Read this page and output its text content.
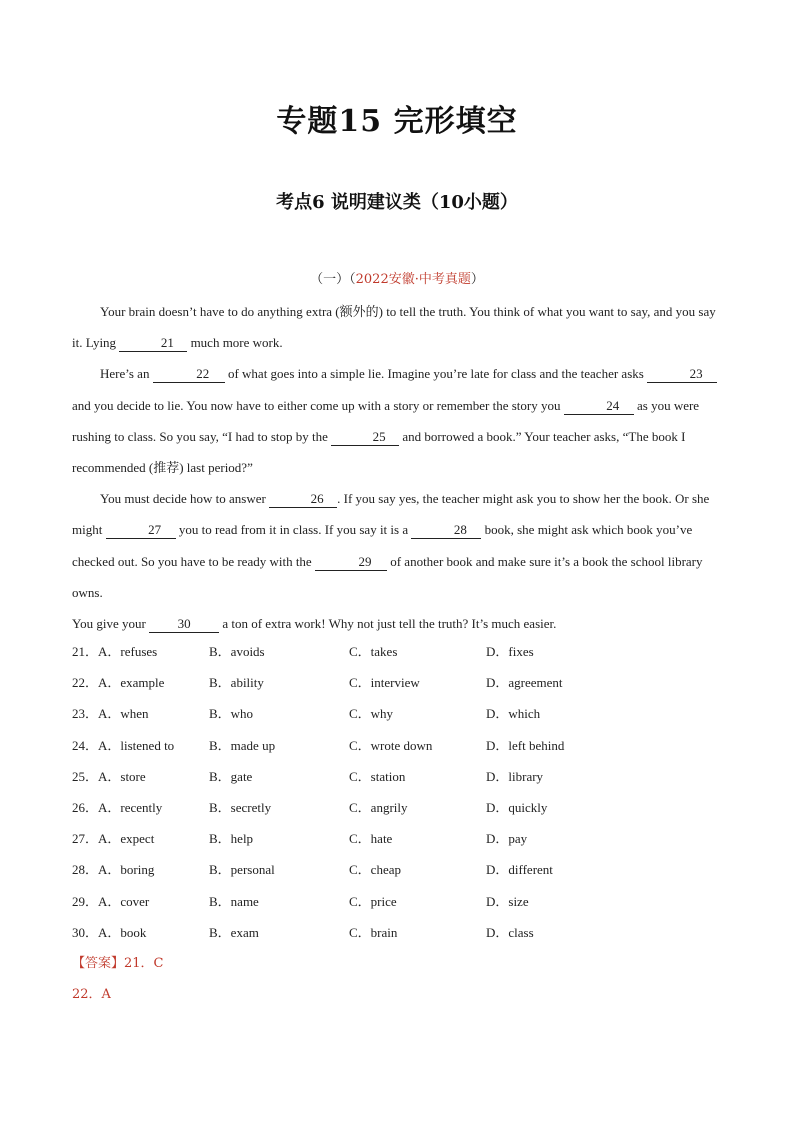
专题15 完形填空
考点6 说明建议类（10小题）
（一）（2022安徽·中考真题）

Your brain doesn’t have to do anything extra (额外的) to tell the truth. You think of what you want to say, and you say it. Lying	21 much more work.

Here’s an	22 of what goes into a simple lie. Imagine you’re late for class and the teacher asks	23 and you decide to lie. You now have to either come up with a story or remember the story you	24 as you were rushing to class. So you say, “I had to stop by the	25 and borrowed a book.” Your teacher asks, “The book I recommended (推荐) last period?”

You must decide how to answer	26 . If you say yes, the teacher might ask you to show her the book. Or she might	27 you to read from it in class. If you say it is a	28 book, she might ask which book you’ve checked out. So you have to be ready with the	29 of another book and make sure it’s a book the school library owns.

You give your 30 a ton of extra work! Why not just tell the truth? It’s much easier.

21．A．refuses	B．avoids	C．takes	D．fixes
22．A．example	B．ability	C．interview	D．agreement
23．A．when	B．who	C．why	D．which
24．A．listened to	B．made up	C．wrote down	D．left behind
25．A．store	B．gate	C．station	D．library
26．A．recently	B．secretly	C．angrily	D．quickly
27．A．expect	B．help	C．hate	D．pay
28．A．boring	B．personal	C．cheap	D．different
29．A．cover	B．name	C．price	D．size
30．A．book	B．exam	C．brain	D．class
【答案】21．C
22．A
